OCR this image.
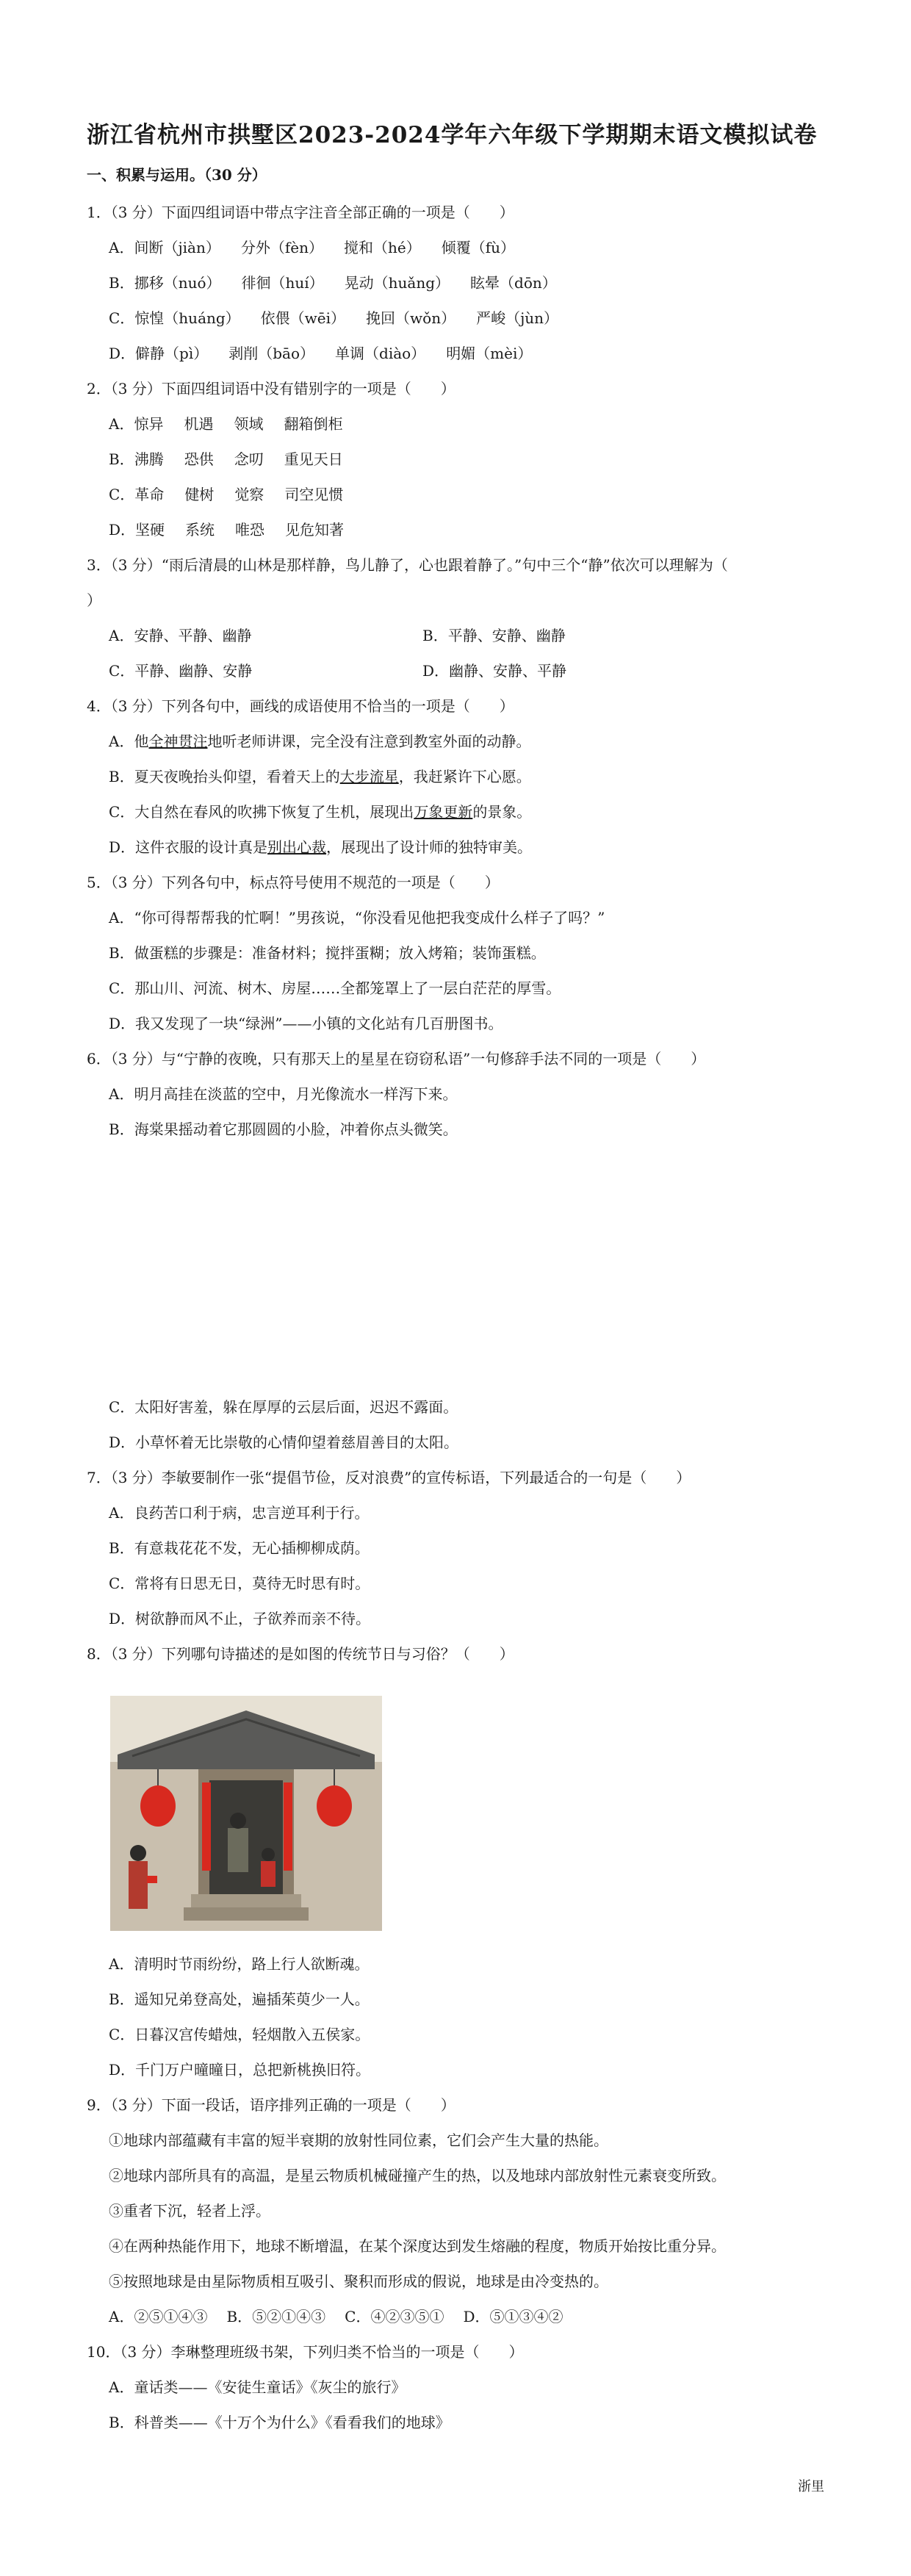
浙江省杭州市拱墅区2023-2024学年六年级下学期期末语文模拟试卷
一、积累与运用。（30 分）
1．（3 分）下面四组词语中带点字注音全部正确的一项是（　　）
A．间断（jiàn） 分外（fèn） 搅和（hé） 倾覆（fù）
B．挪移（nuó） 徘徊（huí） 晃动（huǎng） 眩晕（dōn）
C．惊惶（huáng） 依偎（wēi） 挽回（wǒn） 严峻（jùn）
D．僻静（pì） 剥削（bāo） 单调（diào） 明媚（mèi）
2．（3 分）下面四组词语中没有错别字的一项是（　　）
A．惊异 机遇 领域 翻箱倒柜
B．沸腾 恐供 念叨 重见天日
C．革命 健树 觉察 司空见惯
D．坚硬 系统 唯恐 见危知著
3．（3 分）“雨后清晨的山林是那样静，鸟儿静了，心也跟着静了。”句中三个“静”依次可以理解为（
）
A．安静、平静、幽静	B．平静、安静、幽静
C．平静、幽静、安静	D．幽静、安静、平静
4．（3 分）下列各句中，画线的成语使用不恰当的一项是（　　）
A．他全神贯注地听老师讲课，完全没有注意到教室外面的动静。
B．夏天夜晚抬头仰望，看着天上的大步流星，我赶紧许下心愿。
C．大自然在春风的吹拂下恢复了生机，展现出万象更新的景象。
D．这件衣服的设计真是别出心裁，展现出了设计师的独特审美。
5．（3 分）下列各句中，标点符号使用不规范的一项是（　　）
A．“你可得帮帮我的忙啊！”男孩说，“你没看见他把我变成什么样子了吗？”
B．做蛋糕的步骤是：准备材料；搅拌蛋糊；放入烤箱；装饰蛋糕。
C．那山川、河流、树木、房屋……全都笼罩上了一层白茫茫的厚雪。
D．我又发现了一块“绿洲”——小镇的文化站有几百册图书。
6．（3 分）与“宁静的夜晚，只有那天上的星星在窃窃私语”一句修辞手法不同的一项是（　　）
A．明月高挂在淡蓝的空中，月光像流水一样泻下来。
B．海棠果摇动着它那圆圆的小脸，冲着你点头微笑。
C．太阳好害羞，躲在厚厚的云层后面，迟迟不露面。
D．小草怀着无比崇敬的心情仰望着慈眉善目的太阳。
7．（3 分）李敏要制作一张“提倡节俭，反对浪费”的宣传标语，下列最适合的一句是（　　）
A．良药苦口利于病，忠言逆耳利于行。
B．有意栽花花不发，无心插柳柳成荫。
C．常将有日思无日，莫待无时思有时。
D．树欲静而风不止，子欲养而亲不待。
8．（3 分）下列哪句诗描述的是如图的传统节日与习俗？（　　）
A．清明时节雨纷纷，路上行人欲断魂。
B．遥知兄弟登高处，遍插茱萸少一人。
C．日暮汉宫传蜡烛，轻烟散入五侯家。
D．千门万户曈曈日，总把新桃换旧符。
9．（3 分）下面一段话，语序排列正确的一项是（　　）
①地球内部蕴藏有丰富的短半衰期的放射性同位素，它们会产生大量的热能。
②地球内部所具有的高温，是星云物质机械碰撞产生的热，以及地球内部放射性元素衰变所致。
③重者下沉，轻者上浮。
④在两种热能作用下，地球不断增温，在某个深度达到发生熔融的程度，物质开始按比重分异。
⑤按照地球是由星际物质相互吸引、聚积而形成的假说，地球是由冷变热的。
A．②⑤①④③ B．⑤②①④③ C．④②③⑤① D．⑤①③④②
10．（3 分）李琳整理班级书架，下列归类不恰当的一项是（　　）
A．童话类——《安徒生童话》《灰尘的旅行》
B．科普类——《十万个为什么》《看看我们的地球》
浙里
